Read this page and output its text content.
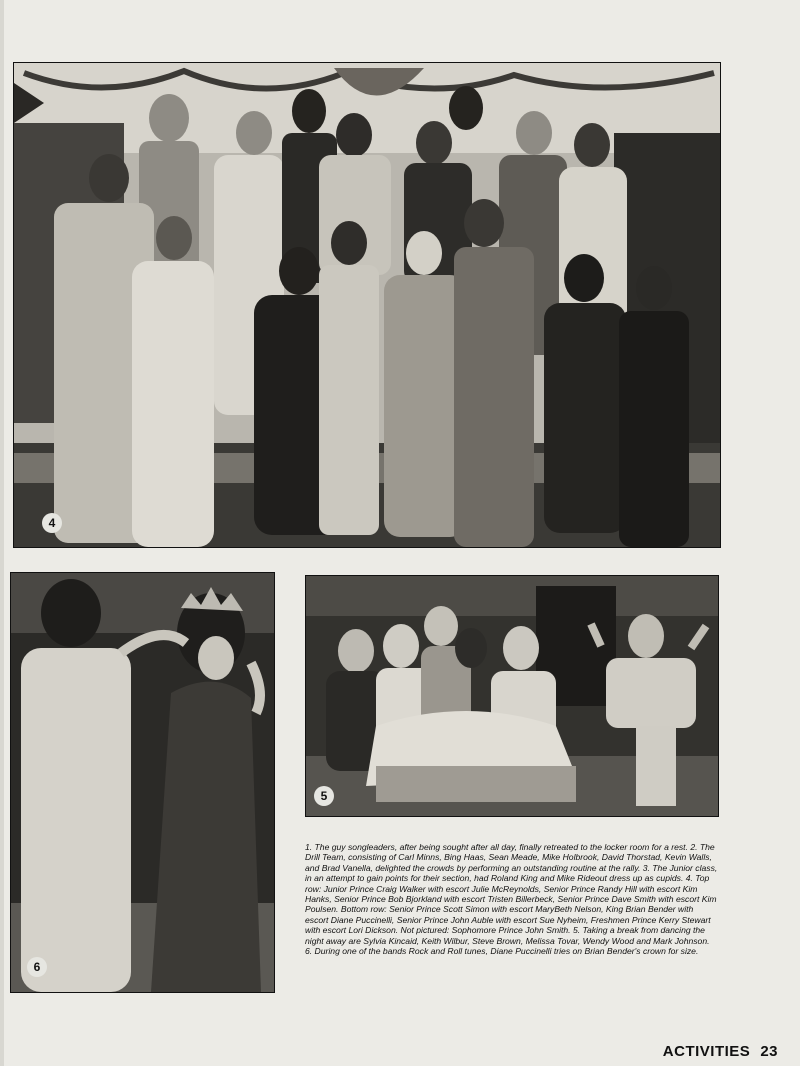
4
6
5

1. The guy songleaders, after being sought after all day, finally retreated to the locker room for a rest. 2. The Drill Team, consisting of Carl Minns, Bing Haas, Sean Meade, Mike Holbrook, David Thorstad, Kevin Walls, and Brad Vanella, delighted the crowds by performing an outstanding routine at the rally. 3. The Junior class, in an attempt to gain points for their section, had Roland King and Mike Rideout dress up as cupids. 4. Top row: Junior Prince Craig Walker with escort Julie McReynolds, Senior Prince Randy Hill with escort Kim Hanks, Senior Prince Bob Bjorkland with escort Tristen Billerbeck, Senior Prince Dave Smith with escort Kim Poulsen. Bottom row: Senior Prince Scott Simon with escort MaryBeth Nelson, King Brian Bender with escort Diane Puccinelli, Senior Prince John Auble with escort Sue Nyheim, Freshmen Prince Kerry Stewart with escort Lori Dickson. Not pictured: Sophomore Prince John Smith. 5. Taking a break from dancing the night away are Sylvia Kincaid, Keith Wilbur, Steve Brown, Melissa Tovar, Wendy Wood and Mark Johnson. 6. During one of the bands Rock and Roll tunes, Diane Puccinelli tries on Brian Bender's crown for size.

ACTIVITIES 23
